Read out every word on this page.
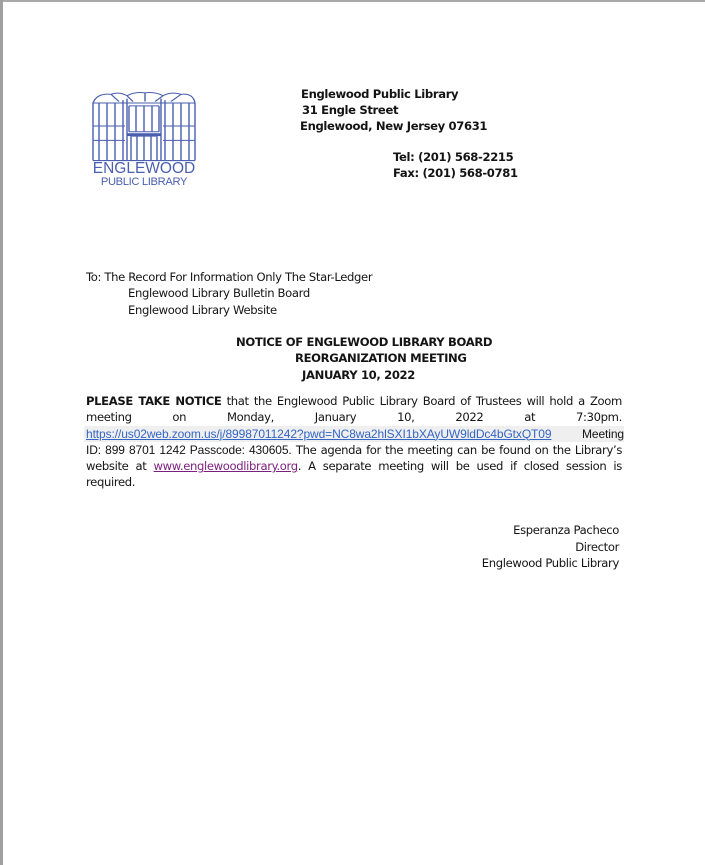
ENGLEWOOD
PUBLIC LIBRARY
Englewood Public Library
31 Engle Street
Englewood, New Jersey 07631
Tel: (201) 568-2215
Fax: (201) 568-0781
To: The Record For Information Only The Star-Ledger
Englewood Library Bulletin Board
Englewood Library Website
NOTICE OF ENGLEWOOD LIBRARY BOARD
REORGANIZATION MEETING
JANUARY 10, 2022
PLEASE TAKE NOTICE that the Englewood Public Library Board of Trustees will hold a Zoom
meeting	on	Monday,	January	10,	2022	at	7:30pm.
https://us02web.zoom.us/j/89987011242?pwd=NC8wa2hlSXI1bXAyUW9ldDc4bGtxQT09	Meeting
ID: 899 8701 1242 Passcode: 430605. The agenda for the meeting can be found on the Library’s
website at www.englewoodlibrary.org. A separate meeting will be used if closed session is
required.
Esperanza Pacheco
Director
Englewood Public Library
